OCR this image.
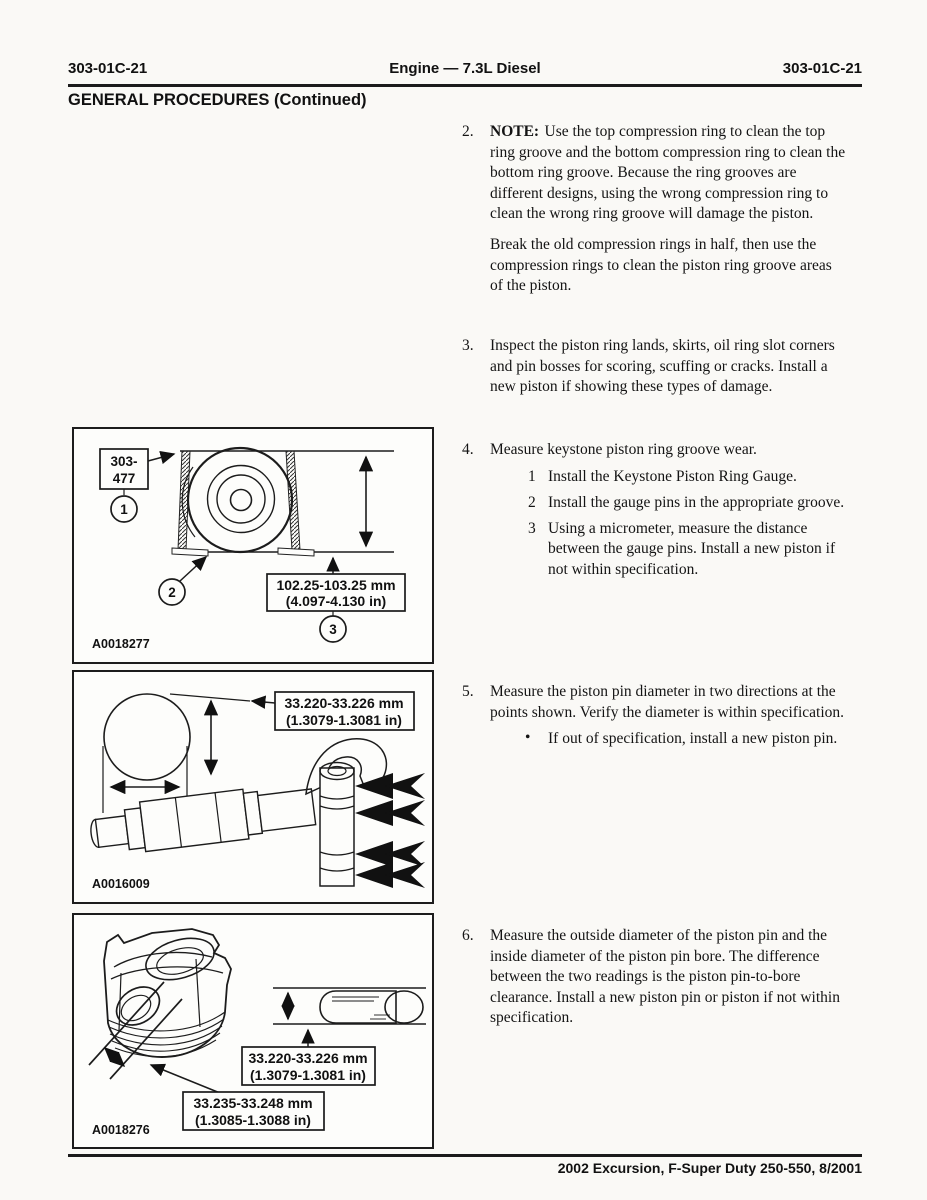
303-01C-21	Engine — 7.3L Diesel	303-01C-21
GENERAL PROCEDURES (Continued)
2. NOTE: Use the top compression ring to clean the top ring groove and the bottom compression ring to clean the bottom ring groove. Because the ring grooves are different designs, using the wrong compression ring to clean the wrong ring groove will damage the piston.
Break the old compression rings in half, then use the compression rings to clean the piston ring groove areas of the piston.
3. Inspect the piston ring lands, skirts, oil ring slot corners and pin bosses for scoring, scuffing or cracks. Install a new piston if showing these types of damage.
4. Measure keystone piston ring groove wear.
1 Install the Keystone Piston Ring Gauge.
2 Install the gauge pins in the appropriate groove.
3 Using a micrometer, measure the distance between the gauge pins. Install a new piston if not within specification.
5. Measure the piston pin diameter in two directions at the points shown. Verify the diameter is within specification.
• If out of specification, install a new piston pin.
6. Measure the outside diameter of the piston pin and the inside diameter of the piston pin bore. The difference between the two readings is the piston pin-to-bore clearance. Install a new piston pin or piston if not within specification.
303-
477
1
2	102.25-103.25 mm
(4.097-4.130 in)
3
A0018277
33.220-33.226 mm
(1.3079-1.3081 in)
A0016009
33.220-33.226 mm
(1.3079-1.3081 in)
33.235-33.248 mm
(1.3085-1.3088 in)
A0018276
2002 Excursion, F-Super Duty 250-550, 8/2001
